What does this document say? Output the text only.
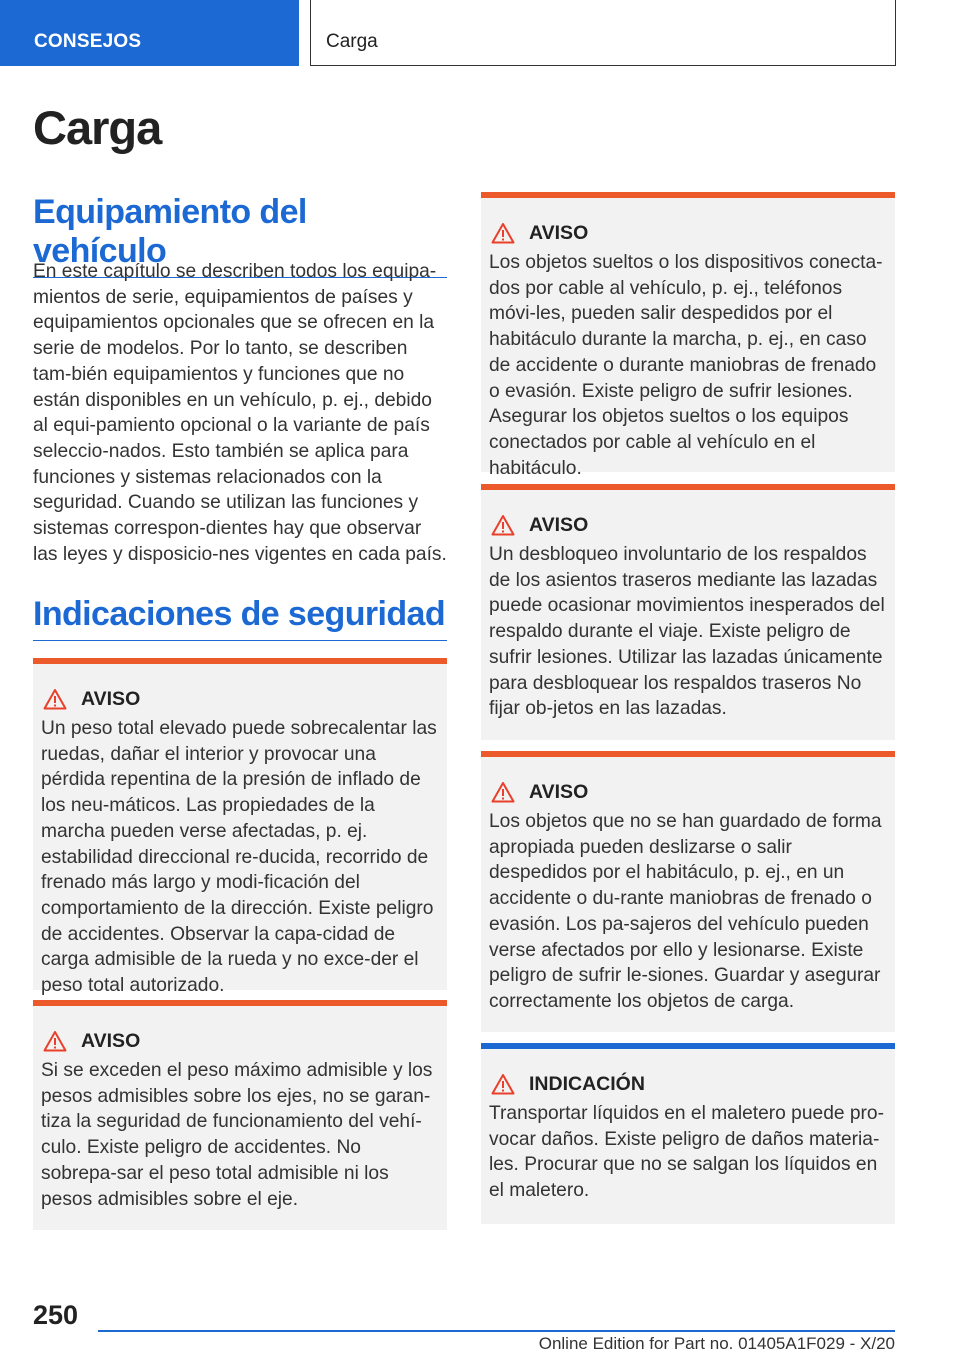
CONSEJOS	Carga
Carga
Equipamiento del vehículo

En este capítulo se describen todos los equipa-mientos de serie, equipamientos de países y equipamientos opcionales que se ofrecen en la serie de modelos. Por lo tanto, se describen tam-bién equipamientos y funciones que no están disponibles en un vehículo, p. ej., debido al equi-pamiento opcional o la variante de país seleccio-nados. Esto también se aplica para funciones y sistemas relacionados con la seguridad. Cuando se utilizan las funciones y sistemas correspon-dientes hay que observar las leyes y disposicio-nes vigentes en cada país.

Indicaciones de seguridad
AVISO

Un peso total elevado puede sobrecalentar las ruedas, dañar el interior y provocar una pérdida repentina de la presión de inflado de los neu-máticos. Las propiedades de la marcha pueden verse afectadas, p. ej. estabilidad direccional re-ducida, recorrido de frenado más largo y modi-ficación del comportamiento de la dirección. Existe peligro de accidentes. Observar la capa-cidad de carga admisible de la rueda y no exce-der el peso total autorizado.

AVISO

Si se exceden el peso máximo admisible y los pesos admisibles sobre los ejes, no se garan-tiza la seguridad de funcionamiento del vehí-culo. Existe peligro de accidentes. No sobrepa-sar el peso total admisible ni los pesos admisibles sobre el eje.

AVISO

Los objetos sueltos o los dispositivos conecta-dos por cable al vehículo, p. ej., teléfonos móvi-les, pueden salir despedidos por el habitáculo durante la marcha, p. ej., en caso de accidente o durante maniobras de frenado o evasión. Existe peligro de sufrir lesiones. Asegurar los objetos sueltos o los equipos conectados por cable al vehículo en el habitáculo.

AVISO

Un desbloqueo involuntario de los respaldos de los asientos traseros mediante las lazadas puede ocasionar movimientos inesperados del respaldo durante el viaje. Existe peligro de sufrir lesiones. Utilizar las lazadas únicamente para desbloquear los respaldos traseros No fijar ob-jetos en las lazadas.

AVISO

Los objetos que no se han guardado de forma apropiada pueden deslizarse o salir despedidos por el habitáculo, p. ej., en un accidente o du-rante maniobras de frenado o evasión. Los pa-sajeros del vehículo pueden verse afectados por ello y lesionarse. Existe peligro de sufrir le-siones. Guardar y asegurar correctamente los objetos de carga.

INDICACIÓN

Transportar líquidos en el maletero puede pro-vocar daños. Existe peligro de daños materia-les. Procurar que no se salgan los líquidos en el maletero.

250
Online Edition for Part no. 01405A1F029 - X/20
